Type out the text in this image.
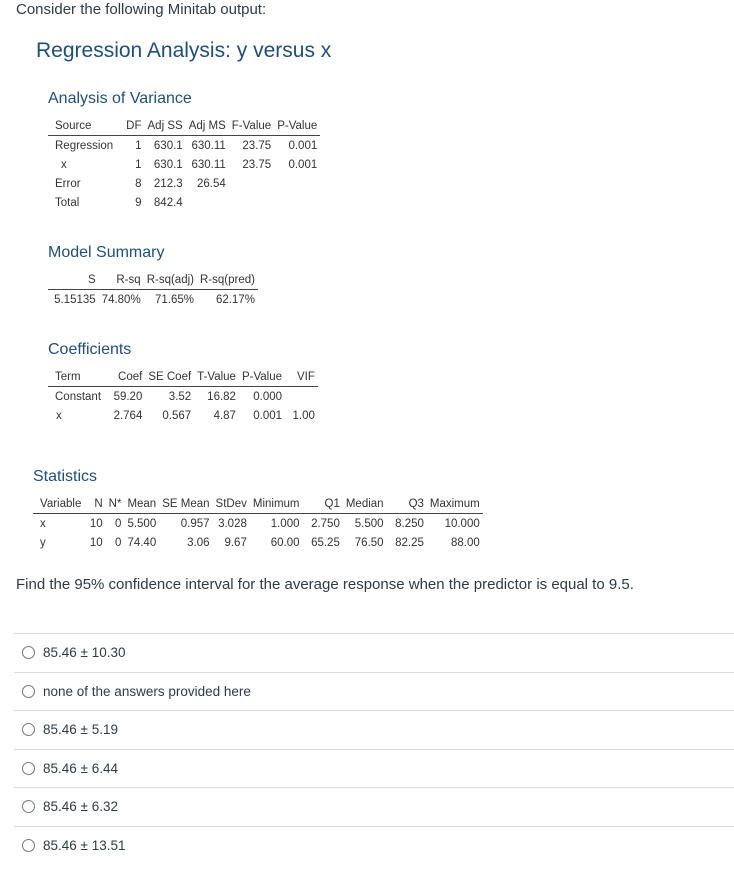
Consider the following Minitab output:
Regression Analysis: y versus x
Analysis of Variance
Source	DF	Adj SS	Adj MS	F-Value	P-Value
Regression	1	630.1	630.11	23.75	0.001
x	1	630.1	630.11	23.75	0.001
Error	8	212.3	26.54		
Total	9	842.4			
Model Summary
S	R-sq	R-sq(adj)	R-sq(pred)
5.15135	74.80%	71.65%	62.17%
Coefficients
Term	Coef	SE Coef	T-Value	P-Value	VIF
Constant	59.20	3.52	16.82	0.000	
x	2.764	0.567	4.87	0.001	1.00
Statistics
Variable	N	N*	Mean	SE Mean	StDev	Minimum	Q1	Median	Q3	Maximum
x	10	0	5.500	0.957	3.028	1.000	2.750	5.500	8.250	10.000
y	10	0	74.40	3.06	9.67	60.00	65.25	76.50	82.25	88.00
Find the 95% confidence interval for the average response when the predictor is equal to 9.5.
85.46 ± 10.30
none of the answers provided here
85.46 ± 5.19
85.46 ± 6.44
85.46 ± 6.32
85.46 ± 13.51
